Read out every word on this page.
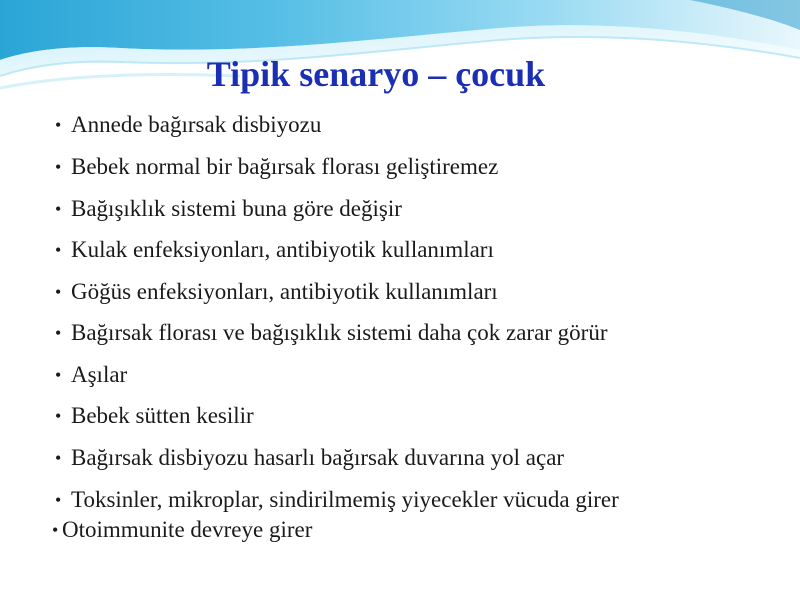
Tipik senaryo – çocuk
• Annede bağırsak disbiyozu
• Bebek normal bir bağırsak florası geliştiremez
• Bağışıklık sistemi buna göre değişir
• Kulak enfeksiyonları, antibiyotik kullanımları
• Göğüs enfeksiyonları, antibiyotik kullanımları
• Bağırsak florası ve bağışıklık sistemi daha çok zarar görür
• Aşılar
• Bebek sütten kesilir
• Bağırsak disbiyozu hasarlı bağırsak duvarına yol açar
• Toksinler, mikroplar, sindirilmemiş yiyecekler vücuda girer
• Otoimmunite devreye girer
